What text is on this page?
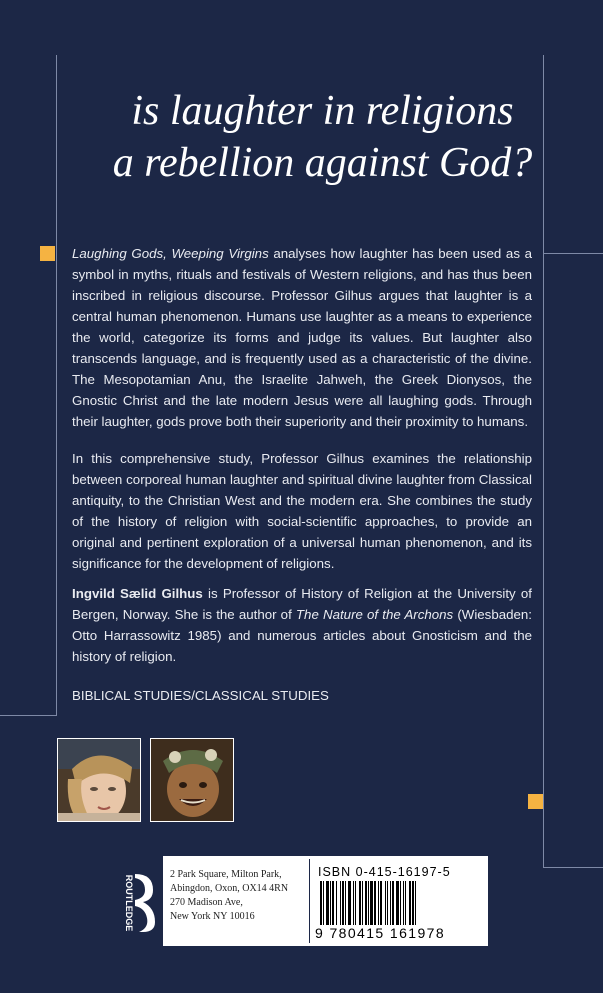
is laughter in religions
a rebellion against God?

Laughing Gods, Weeping Virgins analyses how laughter has been used as a symbol in myths, rituals and festivals of Western religions, and has thus been inscribed in religious discourse. Professor Gilhus argues that laughter is a central human phenomenon. Humans use laughter as a means to experience the world, categorize its forms and judge its values. But laughter also transcends language, and is frequently used as a characteristic of the divine. The Mesopotamian Anu, the Israelite Jahweh, the Greek Dionysos, the Gnostic Christ and the late modern Jesus were all laughing gods. Through their laughter, gods prove both their superiority and their proximity to humans.

In this comprehensive study, Professor Gilhus examines the relationship between corporeal human laughter and spiritual divine laughter from Classical antiquity, to the Christian West and the modern era. She combines the study of the history of religion with social-scientific approaches, to provide an original and pertinent exploration of a universal human phenomenon, and its significance for the development of religions.

Ingvild Sælid Gilhus is Professor of History of Religion at the University of Bergen, Norway. She is the author of The Nature of the Archons (Wiesbaden: Otto Harrassowitz 1985) and numerous articles about Gnosticism and the history of religion.

BIBLICAL STUDIES/CLASSICAL STUDIES
ROUTLEDGE
2 Park Square, Milton Park,
Abingdon, Oxon, OX14 4RN
270 Madison Ave,
New York NY 10016
ISBN 0-415-16197-5
9 780415 161978
